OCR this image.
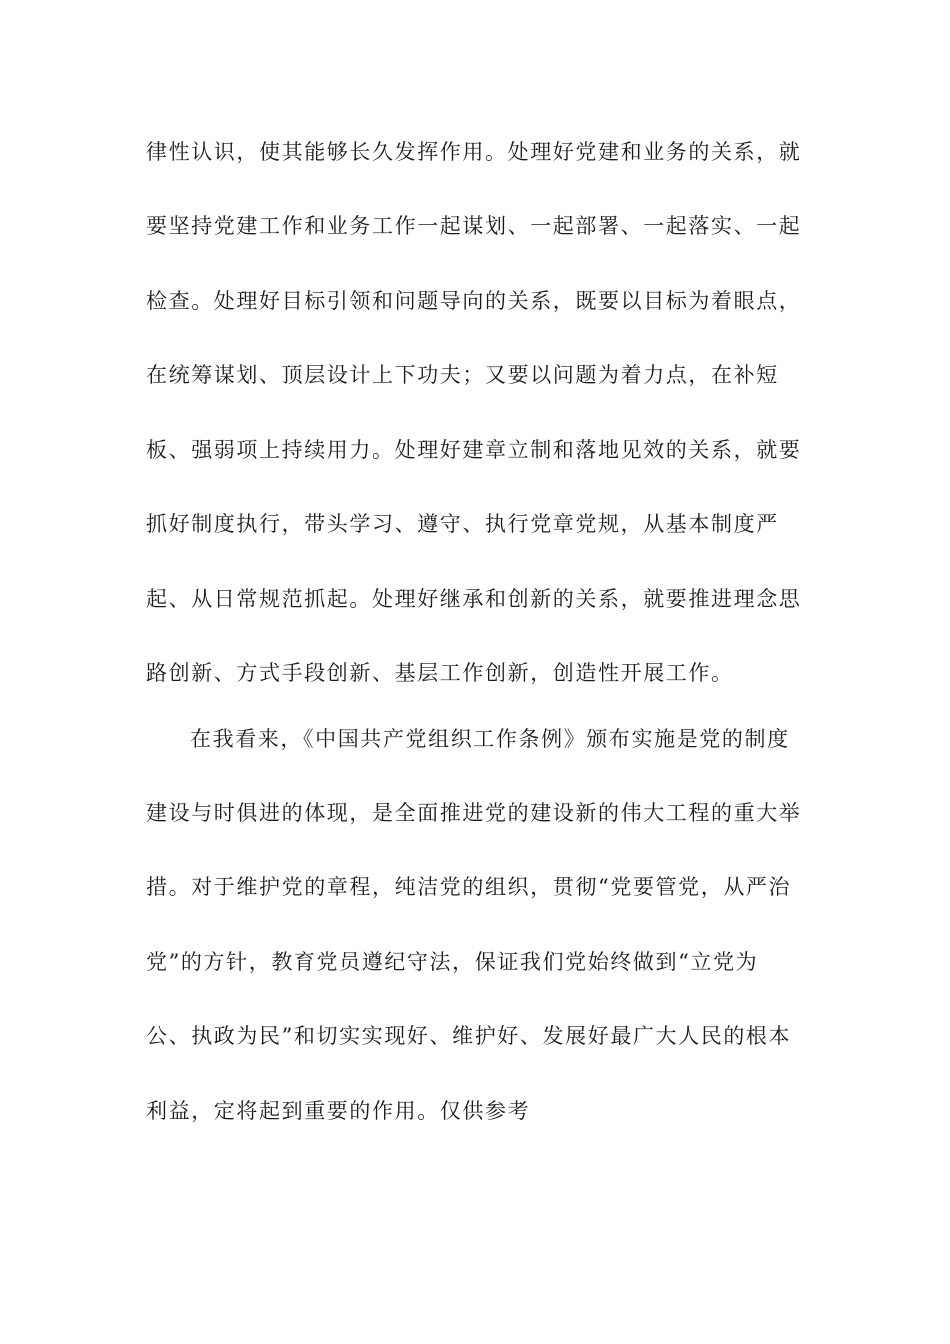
律性认识，使其能够长久发挥作用。处理好党建和业务的关系，就
要坚持党建工作和业务工作一起谋划、一起部署、一起落实、一起
检查。处理好目标引领和问题导向的关系，既要以目标为着眼点，
在统筹谋划、顶层设计上下功夫；又要以问题为着力点，在补短
板、强弱项上持续用力。处理好建章立制和落地见效的关系，就要
抓好制度执行，带头学习、遵守、执行党章党规，从基本制度严
起、从日常规范抓起。处理好继承和创新的关系，就要推进理念思
路创新、方式手段创新、基层工作创新，创造性开展工作。
在我看来，《中国共产党组织工作条例》颁布实施是党的制度
建设与时俱进的体现，是全面推进党的建设新的伟大工程的重大举
措。对于维护党的章程，纯洁党的组织，贯彻“党要管党，从严治
党”的方针，教育党员遵纪守法，保证我们党始终做到“立党为
公、执政为民”和切实实现好、维护好、发展好最广大人民的根本
利益，定将起到重要的作用。仅供参考
